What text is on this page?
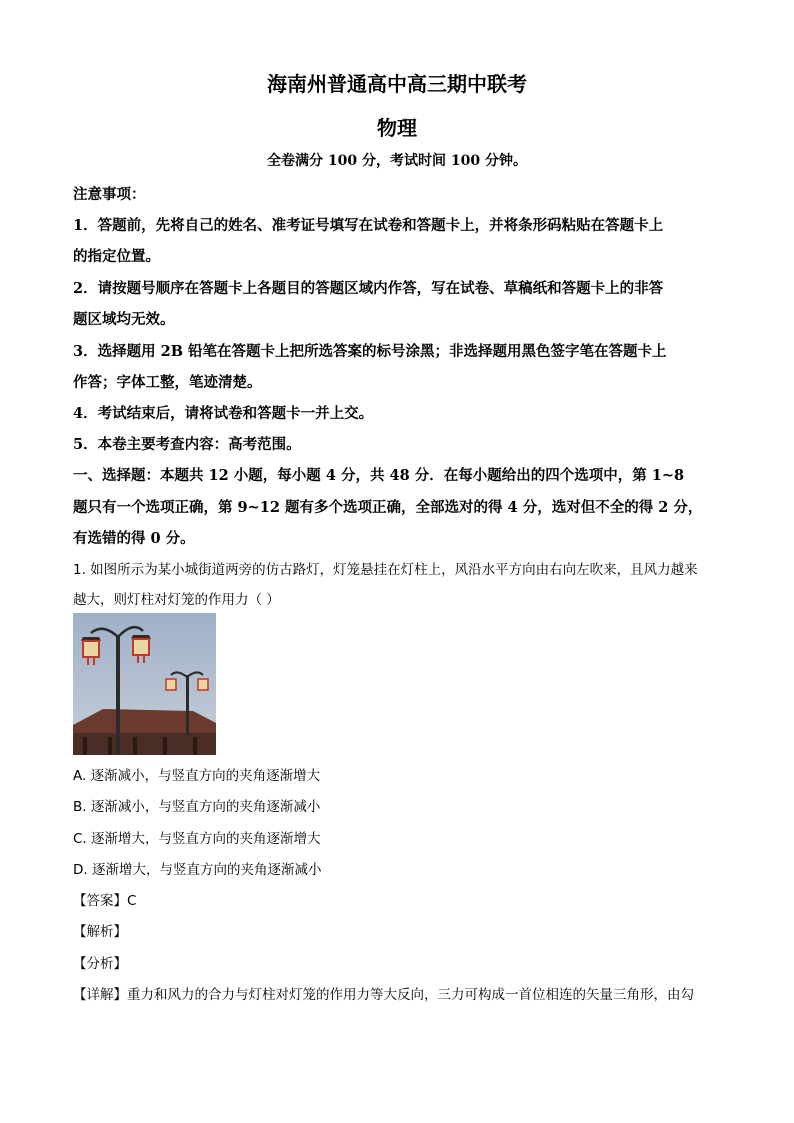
海南州普通高中高三期中联考
物理
全卷满分 100 分，考试时间 100 分钟。
注意事项：
1．答题前，先将自己的姓名、准考证号填写在试卷和答题卡上，并将条形码粘贴在答题卡上
的指定位置。
2．请按题号顺序在答题卡上各题目的答题区域内作答，写在试卷、草稿纸和答题卡上的非答
题区域均无效。
3．选择题用 2B 铅笔在答题卡上把所选答案的标号涂黑；非选择题用黑色签字笔在答题卡上
作答；字体工整，笔迹清楚。
4．考试结束后，请将试卷和答题卡一并上交。
5．本卷主要考查内容：高考范围。
一、选择题：本题共 12 小题，每小题 4 分，共 48 分．在每小题给出的四个选项中，第 1~8
题只有一个选项正确，第 9~12 题有多个选项正确，全部选对的得 4 分，选对但不全的得 2 分，
有选错的得 0 分。
1. 如图所示为某小城街道两旁的仿古路灯，灯笼悬挂在灯柱上，风沿水平方向由右向左吹来，且风力越来
越大，则灯柱对灯笼的作用力（ ）
A. 逐渐减小，与竖直方向的夹角逐渐增大
B. 逐渐减小，与竖直方向的夹角逐渐减小
C. 逐渐增大，与竖直方向的夹角逐渐增大
D. 逐渐增大，与竖直方向的夹角逐渐减小
【答案】C
【解析】
【分析】
【详解】重力和风力的合力与灯柱对灯笼的作用力等大反向，三力可构成一首位相连的矢量三角形，由勾
